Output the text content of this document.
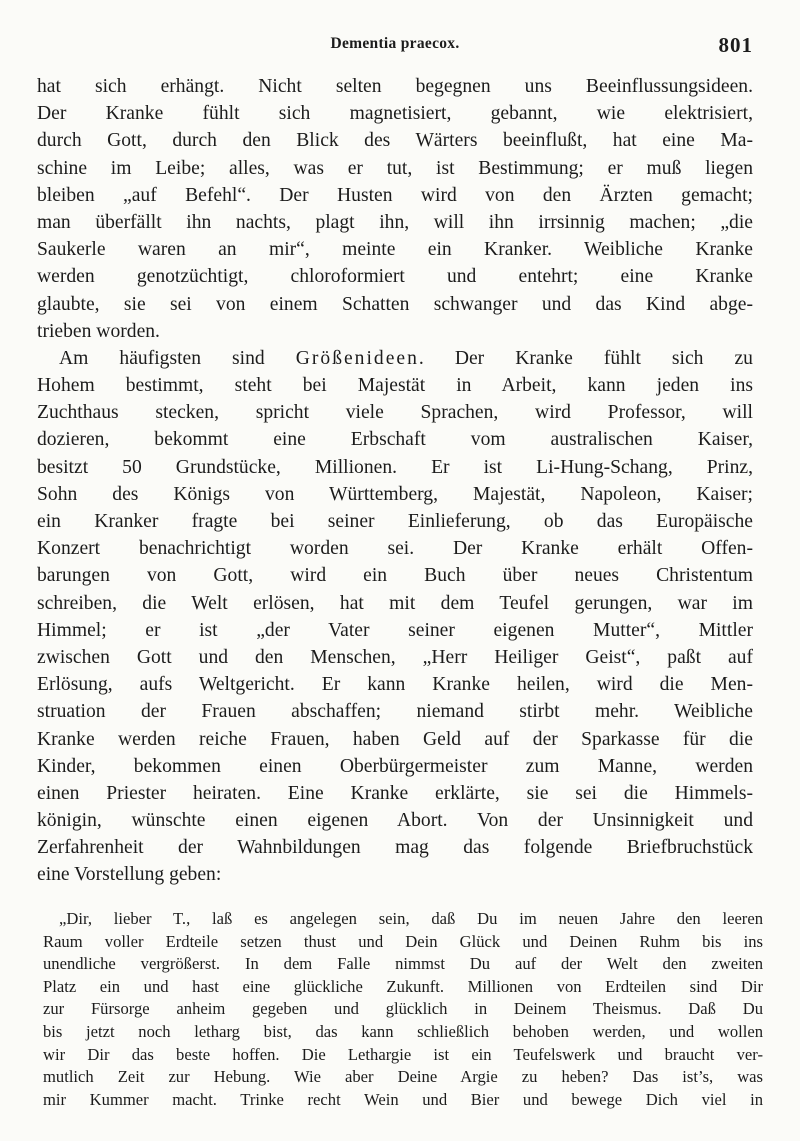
Dementia praecox.	801
hat sich erhängt. Nicht selten begegnen uns Beeinflussungsideen.
Der Kranke fühlt sich magnetisiert, gebannt, wie elektrisiert,
durch Gott, durch den Blick des Wärters beeinflußt, hat eine Ma-
schine im Leibe; alles, was er tut, ist Bestimmung; er muß liegen
bleiben „auf Befehl“. Der Husten wird von den Ärzten gemacht;
man überfällt ihn nachts, plagt ihn, will ihn irrsinnig machen; „die
Saukerle waren an mir“, meinte ein Kranker. Weibliche Kranke
werden genotzüchtigt, chloroformiert und entehrt; eine Kranke
glaubte, sie sei von einem Schatten schwanger und das Kind abge-
trieben worden.
Am häufigsten sind Größenideen. Der Kranke fühlt sich zu
Hohem bestimmt, steht bei Majestät in Arbeit, kann jeden ins
Zuchthaus stecken, spricht viele Sprachen, wird Professor, will
dozieren, bekommt eine Erbschaft vom australischen Kaiser,
besitzt 50 Grundstücke, Millionen. Er ist Li-Hung-Schang, Prinz,
Sohn des Königs von Württemberg, Majestät, Napoleon, Kaiser;
ein Kranker fragte bei seiner Einlieferung, ob das Europäische
Konzert benachrichtigt worden sei. Der Kranke erhält Offen-
barungen von Gott, wird ein Buch über neues Christentum
schreiben, die Welt erlösen, hat mit dem Teufel gerungen, war im
Himmel; er ist „der Vater seiner eigenen Mutter“, Mittler
zwischen Gott und den Menschen, „Herr Heiliger Geist“, paßt auf
Erlösung, aufs Weltgericht. Er kann Kranke heilen, wird die Men-
struation der Frauen abschaffen; niemand stirbt mehr. Weibliche
Kranke werden reiche Frauen, haben Geld auf der Sparkasse für die
Kinder, bekommen einen Oberbürgermeister zum Manne, werden
einen Priester heiraten. Eine Kranke erklärte, sie sei die Himmels-
königin, wünschte einen eigenen Abort. Von der Unsinnigkeit und
Zerfahrenheit der Wahnbildungen mag das folgende Briefbruchstück
eine Vorstellung geben:
„Dir, lieber T., laß es angelegen sein, daß Du im neuen Jahre den leeren
Raum voller Erdteile setzen thust und Dein Glück und Deinen Ruhm bis ins
unendliche vergrößerst. In dem Falle nimmst Du auf der Welt den zweiten
Platz ein und hast eine glückliche Zukunft. Millionen von Erdteilen sind Dir
zur Fürsorge anheim gegeben und glücklich in Deinem Theismus. Daß Du
bis jetzt noch letharg bist, das kann schließlich behoben werden, und wollen
wir Dir das beste hoffen. Die Lethargie ist ein Teufelswerk und braucht ver-
mutlich Zeit zur Hebung. Wie aber Deine Argie zu heben? Das ist’s, was
mir Kummer macht. Trinke recht Wein und Bier und bewege Dich viel in
